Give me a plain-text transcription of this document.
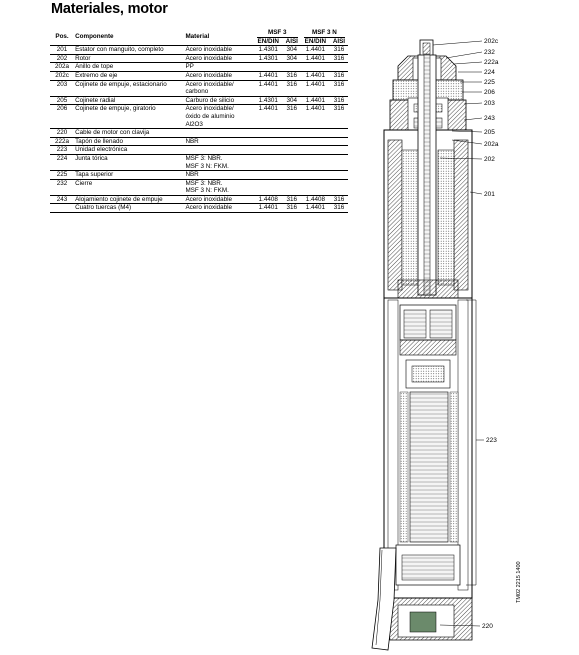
Materiales, motor
Pos.	Componente	Material	MSF 3		MSF 3 N	

			EN/DIN	AISI	EN/DIN	AISI
201	Estator con manguito, completo	Acero inoxidable	1.4301	304	1.4401	316
202	Rotor	Acero inoxidable	1.4301	304	1.4401	316
202a	Anillo de tope	PP				

202c	Extremo de eje	Acero inoxidable	1.4401	316	1.4401	316
203	Cojinete de empuje, estacionario	Acero inoxidable/
carbono	1.4401	316	1.4401	316
205	Cojinete radial	Carburo de silicio	1.4301	304	1.4401	316
206	Cojinete de empuje, giratorio	Acero inoxidable/
óxido de aluminio
Al2O3	1.4401	316	1.4401	316
220	Cable de motor con clavija	

222a	Tapón de llenado	NBR				

223	Unidad electrónica	

224	Junta tórica	MSF 3: NBR.
MSF 3 N: FKM.				

225	Tapa superior	NBR				

232	Cierre	MSF 3: NBR.
MSF 3 N: FKM.				

243	Alojamiento cojinete de empuje	Acero inoxidable	1.4408	316	1.4408	316
	Cuatro tuercas (M4)	Acero inoxidable	1.4401	316	1.4401	316
202c
232
222a
224
225
206
203
243
205
202a
202
201
223
220
TM02 2215 1400
